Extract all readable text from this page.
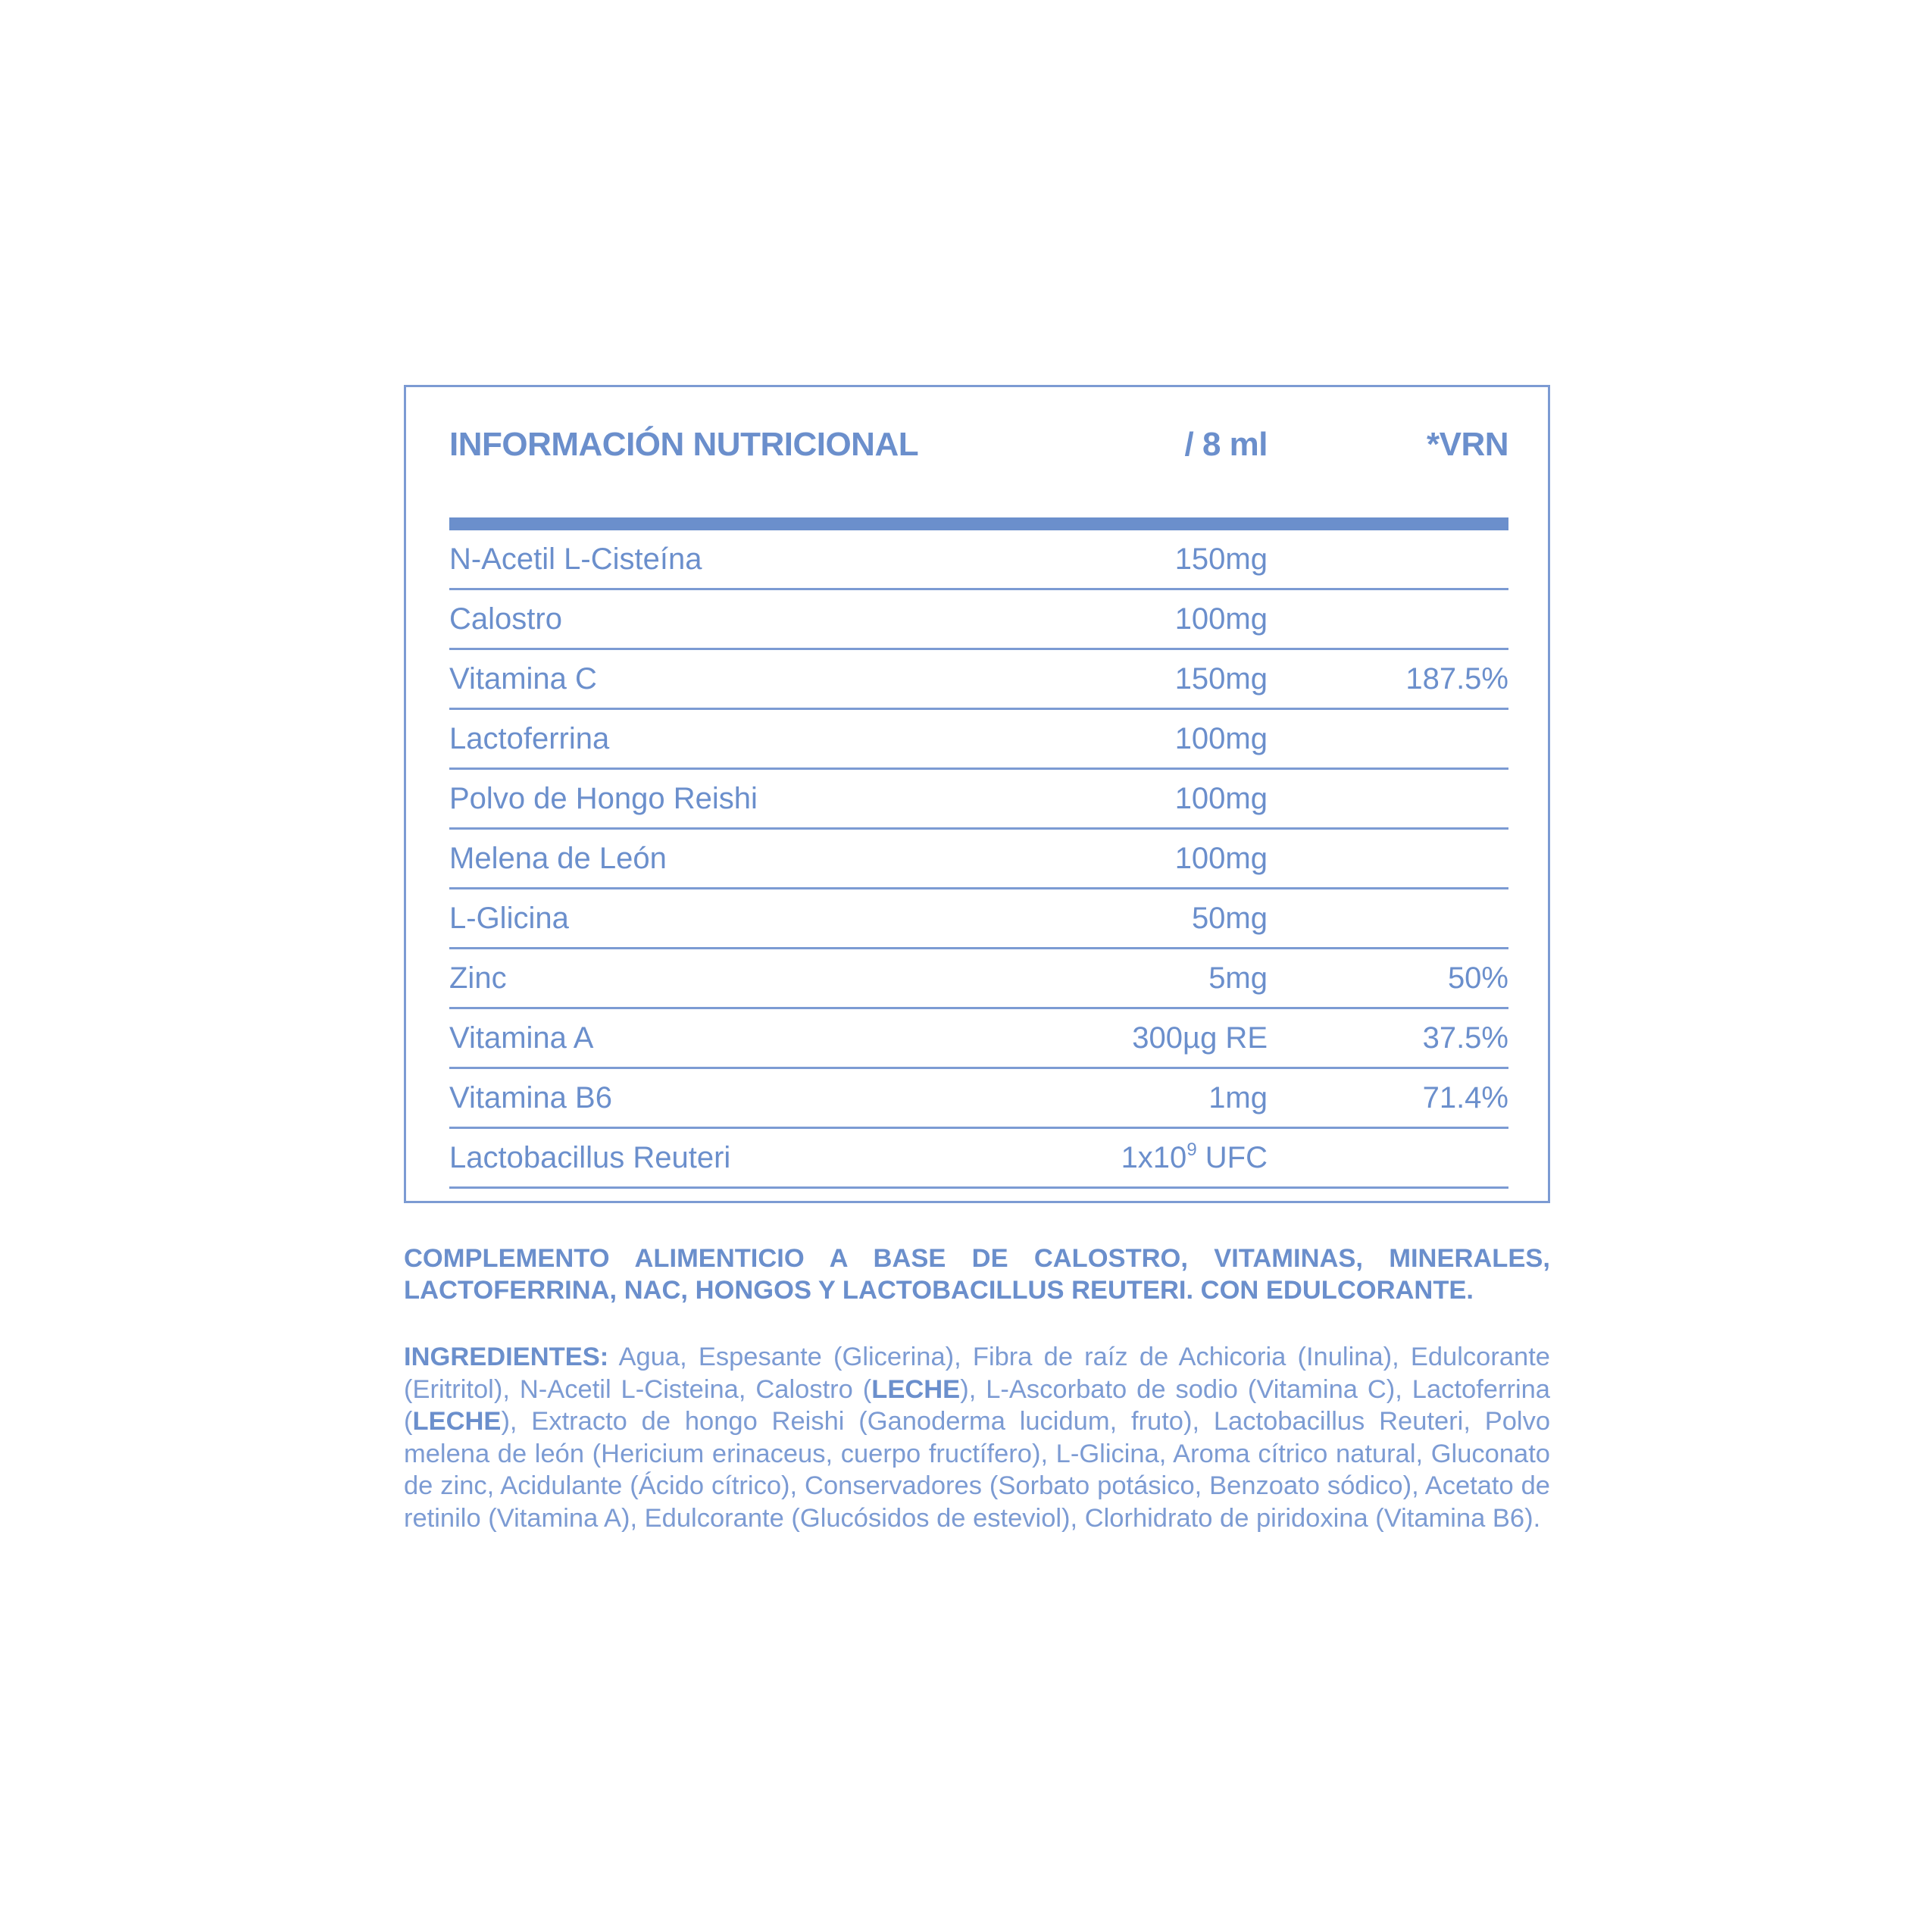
INFORMACIÓN NUTRICIONAL	/ 8 ml	*VRN
N-Acetil L-Cisteína	150mg
Calostro	100mg
Vitamina C	150mg	187.5%
Lactoferrina	100mg
Polvo de Hongo Reishi	100mg
Melena de León	100mg
L-Glicina	50mg
Zinc	5mg	50%
Vitamina A	300µg RE	37.5%
Vitamina B6	1mg	71.4%
Lactobacillus Reuteri	$1x10^9$ UFC
COMPLEMENTO ALIMENTICIO A BASE DE CALOSTRO, VITAMINAS, MINERALES, LACTOFERRINA, NAC, HONGOS Y LACTOBACILLUS REUTERI. CON EDULCORANTE.
INGREDIENTES: Agua, Espesante (Glicerina), Fibra de raíz de Achicoria (Inulina), Edulcorante (Eritritol), N-Acetil L-Cisteina, Calostro (LECHE), L-Ascorbato de sodio (Vitamina C), Lactoferrina (LECHE), Extracto de hongo Reishi (Ganoderma lucidum, fruto), Lactobacillus Reuteri, Polvo melena de león (Hericium erinaceus, cuerpo fructífero), L-Glicina, Aroma cítrico natural, Gluconato de zinc, Acidulante (Ácido cítrico), Conservadores (Sorbato potásico, Benzoato sódico), Acetato de retinilo (Vitamina A), Edulcorante (Glucósidos de esteviol), Clorhidrato de piridoxina (Vitamina B6).
